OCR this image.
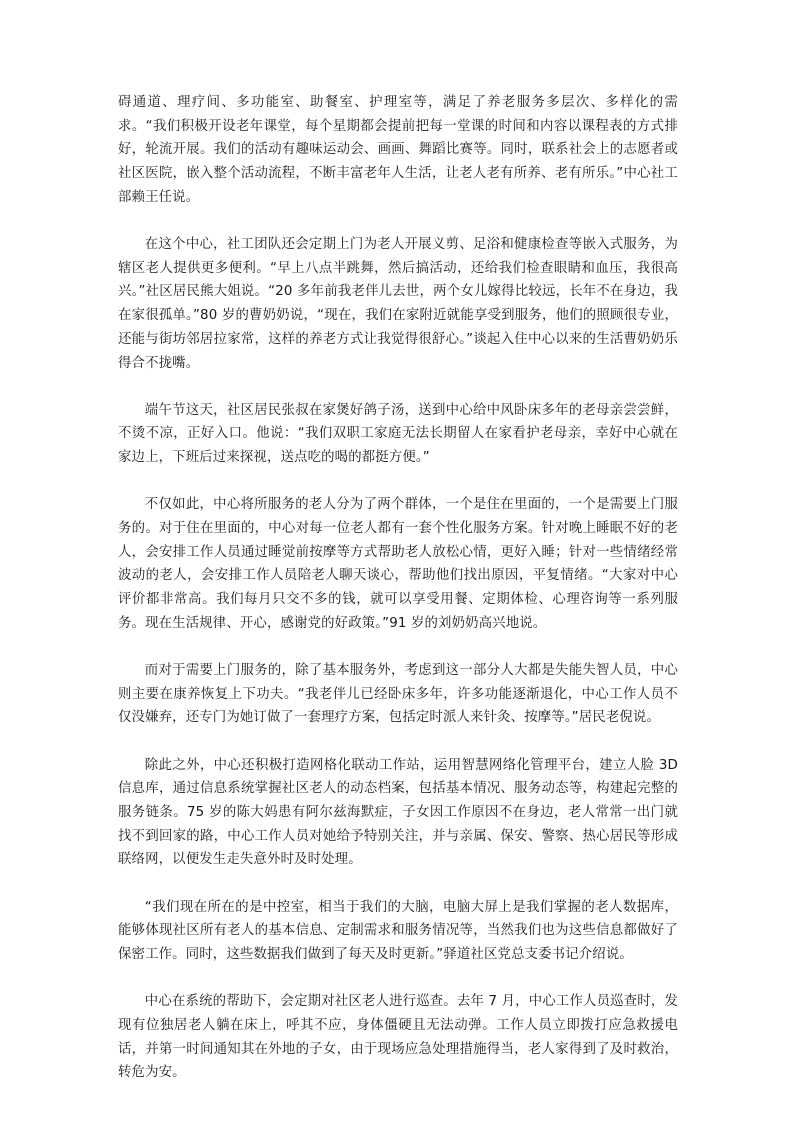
碍通道、理疗间、多功能室、助餐室、护理室等，满足了养老服务多层次、多样化的需求。“我们积极开设老年课堂，每个星期都会提前把每一堂课的时间和内容以课程表的方式排好，轮流开展。我们的活动有趣味运动会、画画、舞蹈比赛等。同时，联系社会上的志愿者或社区医院，嵌入整个活动流程，不断丰富老年人生活，让老人老有所养、老有所乐。”中心社工部赖王任说。

在这个中心，社工团队还会定期上门为老人开展义剪、足浴和健康检查等嵌入式服务，为辖区老人提供更多便利。“早上八点半跳舞，然后搞活动，还给我们检查眼睛和血压，我很高兴。”社区居民熊大姐说。“20 多年前我老伴儿去世，两个女儿嫁得比较远，长年不在身边，我在家很孤单。”80 岁的曹奶奶说，“现在，我们在家附近就能享受到服务，他们的照顾很专业，还能与街坊邻居拉家常，这样的养老方式让我觉得很舒心。”谈起入住中心以来的生活曹奶奶乐得合不拢嘴。

端午节这天，社区居民张叔在家煲好鸽子汤，送到中心给中风卧床多年的老母亲尝尝鲜，不烫不凉，正好入口。他说：“我们双职工家庭无法长期留人在家看护老母亲，幸好中心就在家边上，下班后过来探视，送点吃的喝的都挺方便。”

不仅如此，中心将所服务的老人分为了两个群体，一个是住在里面的，一个是需要上门服务的。对于住在里面的，中心对每一位老人都有一套个性化服务方案。针对晚上睡眠不好的老人，会安排工作人员通过睡觉前按摩等方式帮助老人放松心情，更好入睡；针对一些情绪经常波动的老人，会安排工作人员陪老人聊天谈心，帮助他们找出原因，平复情绪。“大家对中心评价都非常高。我们每月只交不多的钱，就可以享受用餐、定期体检、心理咨询等一系列服务。现在生活规律、开心，感谢党的好政策。”91 岁的刘奶奶高兴地说。

而对于需要上门服务的，除了基本服务外，考虑到这一部分人大都是失能失智人员，中心则主要在康养恢复上下功夫。“我老伴儿已经卧床多年，许多功能逐渐退化，中心工作人员不仅没嫌弃，还专门为她订做了一套理疗方案，包括定时派人来针灸、按摩等。”居民老倪说。

除此之外，中心还积极打造网格化联动工作站，运用智慧网络化管理平台，建立人脸 3D 信息库，通过信息系统掌握社区老人的动态档案，包括基本情况、服务动态等，构建起完整的服务链条。75 岁的陈大妈患有阿尔兹海默症，子女因工作原因不在身边，老人常常一出门就找不到回家的路，中心工作人员对她给予特别关注，并与亲属、保安、警察、热心居民等形成联络网，以便发生走失意外时及时处理。

“我们现在所在的是中控室，相当于我们的大脑，电脑大屏上是我们掌握的老人数据库，能够体现社区所有老人的基本信息、定制需求和服务情况等，当然我们也为这些信息都做好了保密工作。同时，这些数据我们做到了每天及时更新。”驿道社区党总支委书记介绍说。

中心在系统的帮助下，会定期对社区老人进行巡查。去年 7 月，中心工作人员巡查时，发现有位独居老人躺在床上，呼其不应，身体僵硬且无法动弹。工作人员立即拨打应急救援电话，并第一时间通知其在外地的子女，由于现场应急处理措施得当，老人家得到了及时救治，转危为安。
